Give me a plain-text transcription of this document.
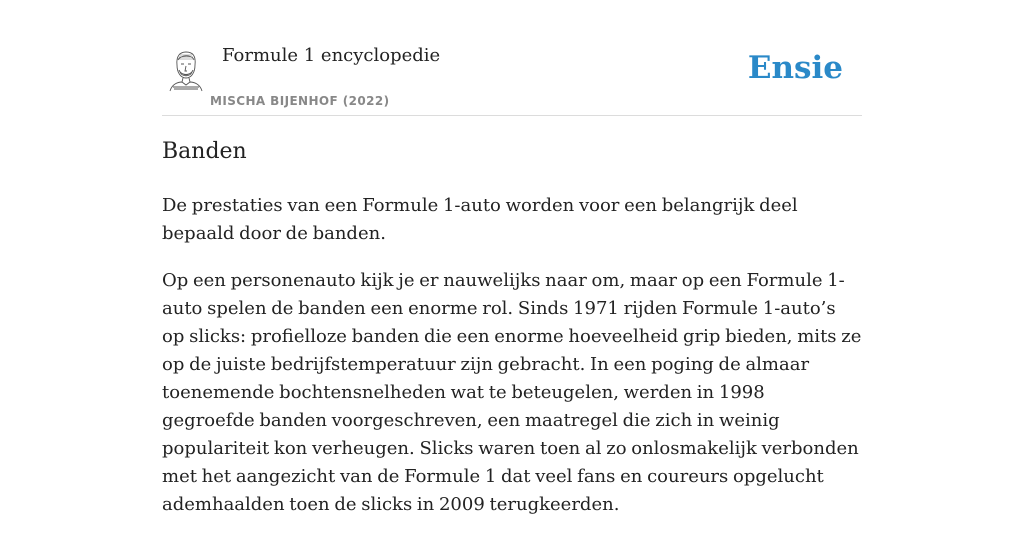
Formule 1 encyclopedie
MISCHA BIJENHOF (2022)
Ensie
Banden

De prestaties van een Formule 1-auto worden voor een belangrijk deel bepaald door de banden.

Op een personenauto kijk je er nauwelijks naar om, maar op een Formule 1-auto spelen de banden een enorme rol. Sinds 1971 rijden Formule 1-auto’s op slicks: profielloze banden die een enorme hoeveelheid grip bieden, mits ze op de juiste bedrijfstemperatuur zijn gebracht. In een poging de almaar toenemende bochtensnelheden wat te beteugelen, werden in 1998 gegroefde banden voorgeschreven, een maatregel die zich in weinig populariteit kon verheugen. Slicks waren toen al zo onlosmakelijk verbonden met het aangezicht van de Formule 1 dat veel fans en coureurs opgelucht ademhaalden toen de slicks in 2009 terugkeerden.
